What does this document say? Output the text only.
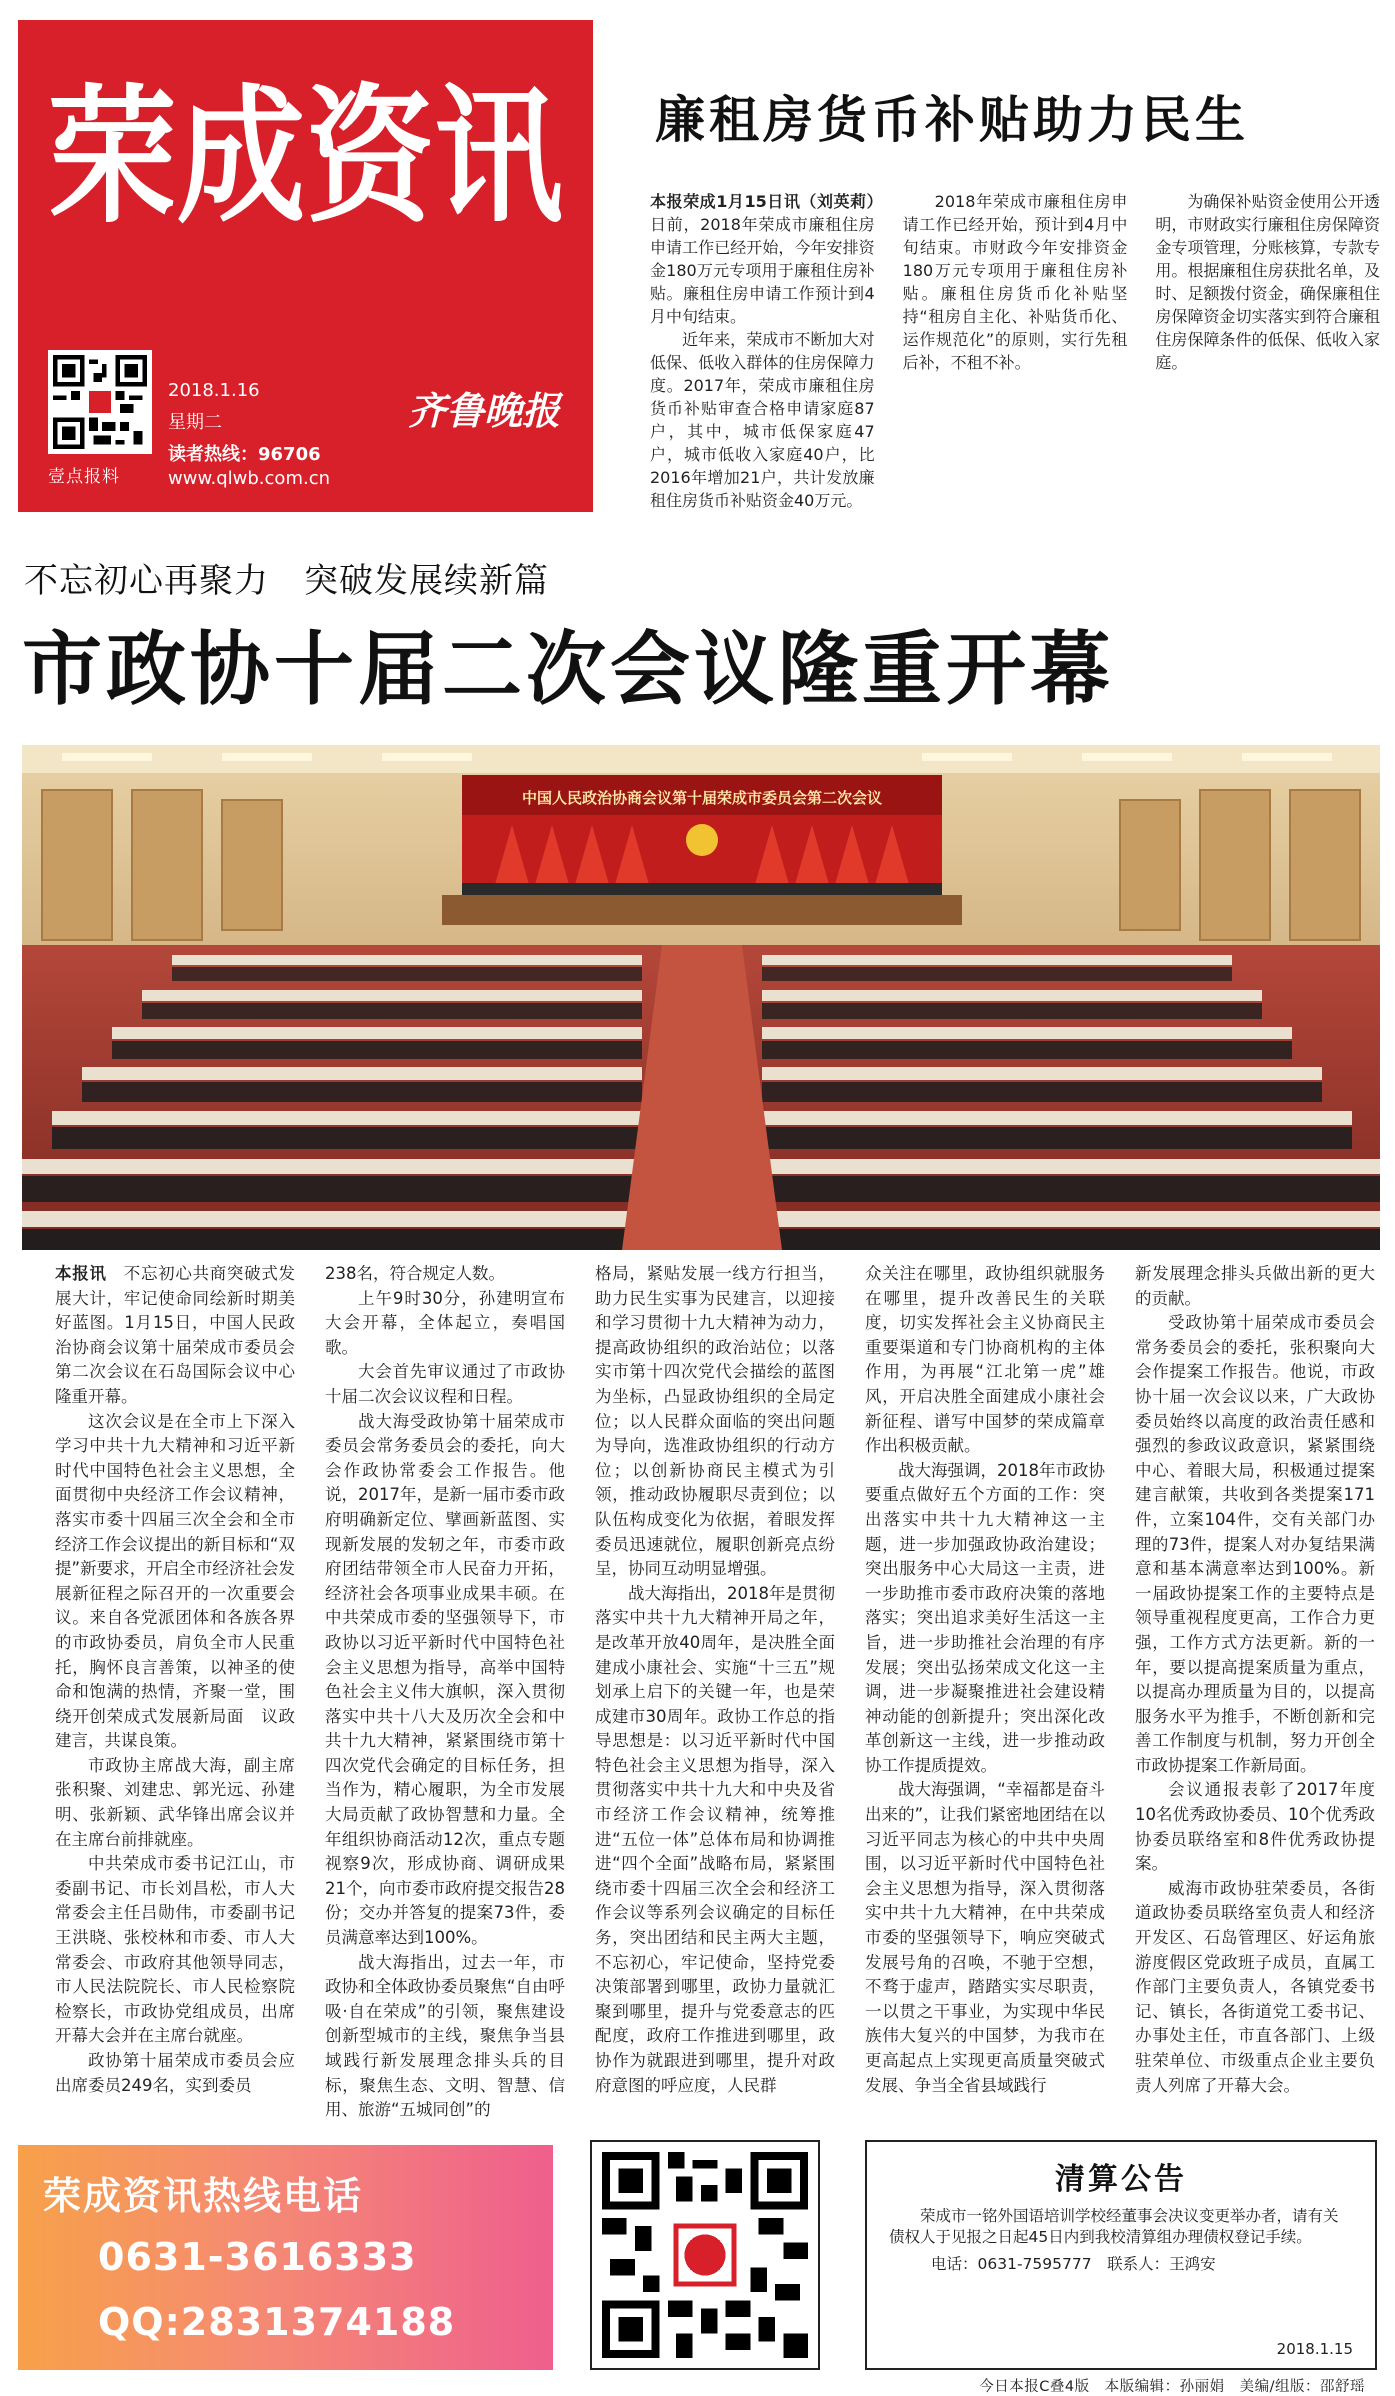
荣成资讯
壹点报料
2018.1.16
星期二
读者热线：96706
www.qlwb.com.cn
齐鲁晚报
廉租房货币补贴助力民生

本报荣成1月15日讯（刘英莉）　日前，2018年荣成市廉租住房申请工作已经开始，今年安排资金180万元专项用于廉租住房补贴。廉租住房申请工作预计到4月中旬结束。

近年来，荣成市不断加大对低保、低收入群体的住房保障力度。2017年，荣成市廉租住房货币补贴审查合格申请家庭87户，其中，城市低保家庭47户，城市低收入家庭40户，比2016年增加21户，共计发放廉租住房货币补贴资金40万元。

2018年荣成市廉租住房申请工作已经开始，预计到4月中旬结束。市财政今年安排资金180万元专项用于廉租住房补贴。廉租住房货币化补贴坚持“租房自主化、补贴货币化、运作规范化”的原则，实行先租后补，不租不补。

为确保补贴资金使用公开透明，市财政实行廉租住房保障资金专项管理，分账核算，专款专用。根据廉租住房获批名单，及时、足额拨付资金，确保廉租住房保障资金切实落实到符合廉租住房保障条件的低保、低收入家庭。

不忘初心再聚力　突破发展续新篇
市政协十届二次会议隆重开幕
中国人民政治协商会议第十届荣成市委员会第二次会议

本报讯　 不忘初心共商突破式发展大计，牢记使命同绘新时期美好蓝图。1月15日，中国人民政治协商会议第十届荣成市委员会第二次会议在石岛国际会议中心隆重开幕。

这次会议是在全市上下深入学习中共十九大精神和习近平新时代中国特色社会主义思想，全面贯彻中央经济工作会议精神，落实市委十四届三次全会和全市经济工作会议提出的新目标和“双提”新要求，开启全市经济社会发展新征程之际召开的一次重要会议。来自各党派团体和各族各界的市政协委员，肩负全市人民重托，胸怀良言善策，以神圣的使命和饱满的热情，齐聚一堂，围绕开创荣成式发展新局面　议政建言，共谋良策。

市政协主席战大海，副主席张积聚、刘建忠、郭光远、孙建明、张新颖、武华锋出席会议并在主席台前排就座。

中共荣成市委书记江山，市委副书记、市长刘昌松，市人大常委会主任吕勋伟，市委副书记王洪晓、张校林和市委、市人大常委会、市政府其他领导同志，市人民法院院长、市人民检察院检察长，市政协党组成员，出席开幕大会并在主席台就座。

政协第十届荣成市委员会应出席委员249名，实到委员

238名，符合规定人数。

上午9时30分，孙建明宣布大会开幕，全体起立，奏唱国歌。

大会首先审议通过了市政协十届二次会议议程和日程。

战大海受政协第十届荣成市委员会常务委员会的委托，向大会作政协常委会工作报告。他说，2017年，是新一届市委市政府明确新定位、擘画新蓝图、实现新发展的发轫之年，市委市政府团结带领全市人民奋力开拓，经济社会各项事业成果丰硕。在中共荣成市委的坚强领导下，市政协以习近平新时代中国特色社会主义思想为指导，高举中国特色社会主义伟大旗帜，深入贯彻落实中共十八大及历次全会和中共十九大精神，紧紧围绕市第十四次党代会确定的目标任务，担当作为，精心履职，为全市发展大局贡献了政协智慧和力量。全年组织协商活动12次，重点专题视察9次，形成协商、调研成果21个，向市委市政府提交报告28份；交办并答复的提案73件，委员满意率达到100%。

战大海指出，过去一年，市政协和全体政协委员聚焦“自由呼吸·自在荣成”的引领，聚焦建设创新型城市的主线，聚焦争当县域践行新发展理念排头兵的目标，聚焦生态、文明、智慧、信用、旅游“五城同创”的

格局，紧贴发展一线方行担当，助力民生实事为民建言，以迎接和学习贯彻十九大精神为动力，提高政协组织的政治站位；以落实市第十四次党代会描绘的蓝图为坐标，凸显政协组织的全局定位；以人民群众面临的突出问题为导向，选准政协组织的行动方位；以创新协商民主模式为引领，推动政协履职尽责到位；以队伍构成变化为依据，着眼发挥委员迅速就位，履职创新亮点纷呈，协同互动明显增强。

战大海指出，2018年是贯彻落实中共十九大精神开局之年，是改革开放40周年，是决胜全面建成小康社会、实施“十三五”规划承上启下的关键一年，也是荣成建市30周年。政协工作总的指导思想是：以习近平新时代中国特色社会主义思想为指导，深入贯彻落实中共十九大和中央及省市经济工作会议精神，统筹推进“五位一体”总体布局和协调推进“四个全面”战略布局，紧紧围绕市委十四届三次全会和经济工作会议等系列会议确定的目标任务，突出团结和民主两大主题，不忘初心，牢记使命，坚持党委决策部署到哪里，政协力量就汇聚到哪里，提升与党委意志的匹配度，政府工作推进到哪里，政协作为就跟进到哪里，提升对政府意图的呼应度，人民群

众关注在哪里，政协组织就服务在哪里，提升改善民生的关联度，切实发挥社会主义协商民主重要渠道和专门协商机构的主体作用，为再展“江北第一虎”雄风，开启决胜全面建成小康社会新征程、谱写中国梦的荣成篇章作出积极贡献。

战大海强调，2018年市政协要重点做好五个方面的工作：突出落实中共十九大精神这一主题，进一步加强政协政治建设；突出服务中心大局这一主责，进一步助推市委市政府决策的落地落实；突出追求美好生活这一主旨，进一步助推社会治理的有序发展；突出弘扬荣成文化这一主调，进一步凝聚推进社会建设精神动能的创新提升；突出深化改革创新这一主线，进一步推动政协工作提质提效。

战大海强调，“幸福都是奋斗出来的”，让我们紧密地团结在以习近平同志为核心的中共中央周围，以习近平新时代中国特色社会主义思想为指导，深入贯彻落实中共十九大精神，在中共荣成市委的坚强领导下，响应突破式发展号角的召唤，不驰于空想，不骛于虚声，踏踏实实尽职责，一以贯之干事业，为实现中华民族伟大复兴的中国梦，为我市在更高起点上实现更高质量突破式发展、争当全省县域践行

新发展理念排头兵做出新的更大的贡献。

受政协第十届荣成市委员会常务委员会的委托，张积聚向大会作提案工作报告。他说，市政协十届一次会议以来，广大政协委员始终以高度的政治责任感和强烈的参政议政意识，紧紧围绕中心、着眼大局，积极通过提案建言献策，共收到各类提案171件，立案104件，交有关部门办理的73件，提案人对办复结果满意和基本满意率达到100%。新一届政协提案工作的主要特点是领导重视程度更高，工作合力更强，工作方式方法更新。新的一年，要以提高提案质量为重点，以提高办理质量为目的，以提高服务水平为推手，不断创新和完善工作制度与机制，努力开创全市政协提案工作新局面。

会议通报表彰了2017年度10名优秀政协委员、10个优秀政协委员联络室和8件优秀政协提案。

威海市政协驻荣委员，各街道政协委员联络室负责人和经济开发区、石岛管理区、好运角旅游度假区党政班子成员，直属工作部门主要负责人，各镇党委书记、镇长，各街道党工委书记、办事处主任，市直各部门、上级驻荣单位、市级重点企业主要负责人列席了开幕大会。

荣成资讯热线电话
0631-3616333
QQ:2831374188
清算公告

荣成市一铭外国语培训学校经董事会决议变更举办者，请有关债权人于见报之日起45日内到我校清算组办理债权登记手续。

电话：0631-7595777　联系人：王鸿安

2018.1.15
今日本报C叠4版　本版编辑：孙丽娟　美编/组版：邵舒瑶
